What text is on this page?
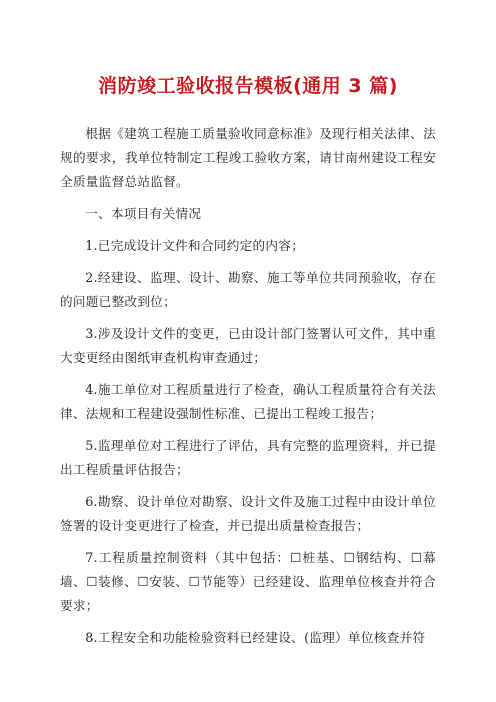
消防竣工验收报告模板(通用 3 篇)

根据《建筑工程施工质量验收同意标准》及现行相关法律、法规的要求，我单位特制定工程竣工验收方案，请甘南州建设工程安全质量监督总站监督。

一、本项目有关情况

1.已完成设计文件和合同约定的内容；

2.经建设、监理、设计、勘察、施工等单位共同预验收，存在的问题已整改到位；

3.涉及设计文件的变更，已由设计部门签署认可文件，其中重大变更经由图纸审查机构审查通过；

4.施工单位对工程质量进行了检查，确认工程质量符合有关法律、法规和工程建设强制性标准、已提出工程竣工报告；

5.监理单位对工程进行了评估，具有完整的监理资料，并已提出工程质量评估报告；

6.勘察、设计单位对勘察、设计文件及施工过程中由设计单位签署的设计变更进行了检查，并已提出质量检查报告；

7.工程质量控制资料（其中包括：☐桩基、☐钢结构、☐幕墙、☐装修、☐安装、☐节能等）已经建设、监理单位核查并符合要求；

8.工程安全和功能检验资料已经建设、(监理）单位核查并符
